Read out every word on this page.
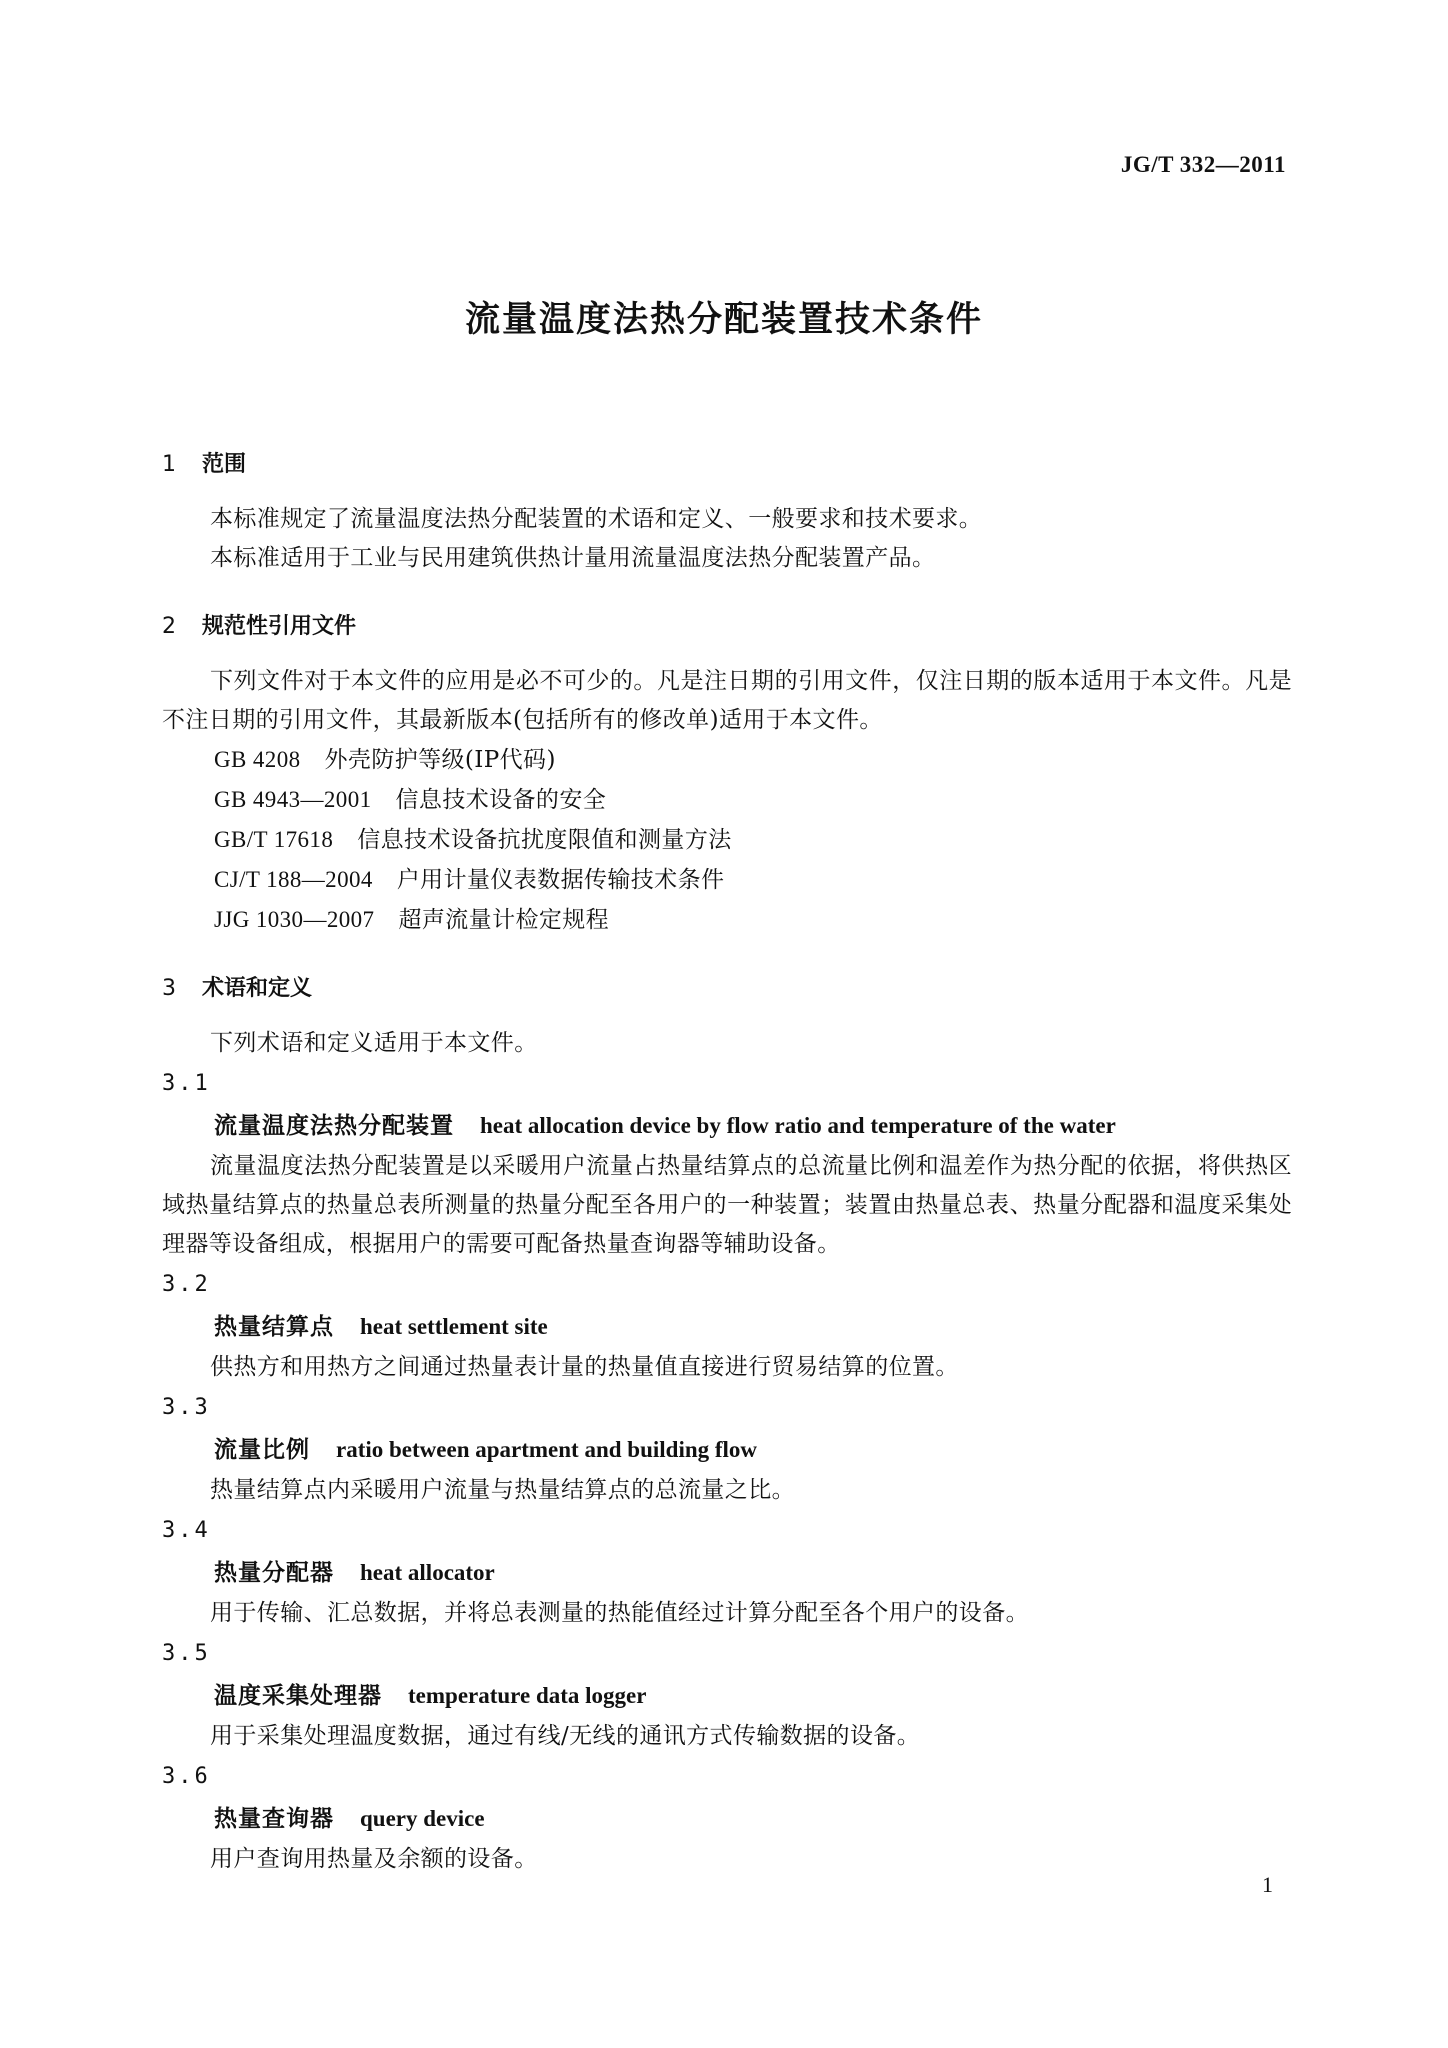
JG/T 332—2011
流量温度法热分配装置技术条件
1	范围

本标准规定了流量温度法热分配装置的术语和定义、一般要求和技术要求。

本标准适用于工业与民用建筑供热计量用流量温度法热分配装置产品。

2	规范性引用文件

下列文件对于本文件的应用是必不可少的。凡是注日期的引用文件，仅注日期的版本适用于本文件。凡是不注日期的引用文件，其最新版本(包括所有的修改单)适用于本文件。

GB 4208 外壳防护等级(IP代码)

GB 4943—2001 信息技术设备的安全

GB/T 17618 信息技术设备抗扰度限值和测量方法

CJ/T 188—2004 户用计量仪表数据传输技术条件

JJG 1030—2007 超声流量计检定规程

3	术语和定义

下列术语和定义适用于本文件。

3.1

流量温度法热分配装置 heat allocation device by flow ratio and temperature of the water

流量温度法热分配装置是以采暖用户流量占热量结算点的总流量比例和温差作为热分配的依据，将供热区域热量结算点的热量总表所测量的热量分配至各用户的一种装置；装置由热量总表、热量分配器和温度采集处理器等设备组成，根据用户的需要可配备热量查询器等辅助设备。

3.2

热量结算点 heat settlement site

供热方和用热方之间通过热量表计量的热量值直接进行贸易结算的位置。

3.3

流量比例 ratio between apartment and building flow

热量结算点内采暖用户流量与热量结算点的总流量之比。

3.4

热量分配器 heat allocator

用于传输、汇总数据，并将总表测量的热能值经过计算分配至各个用户的设备。

3.5

温度采集处理器 temperature data logger

用于采集处理温度数据，通过有线/无线的通讯方式传输数据的设备。

3.6

热量查询器 query device

用户查询用热量及余额的设备。

1
